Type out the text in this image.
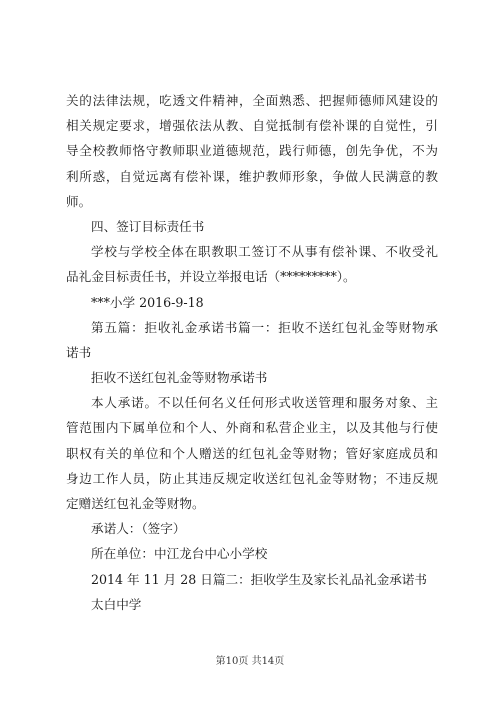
关的法律法规，吃透文件精神，全面熟悉、把握师德师风建设的
相关规定要求，增强依法从教、自觉抵制有偿补课的自觉性，引
导全校教师恪守教师职业道德规范，践行师德，创先争优，不为
利所惑，自觉远离有偿补课，维护教师形象，争做人民满意的教
师。
四、签订目标责任书
学校与学校全体在职教职工签订不从事有偿补课、不收受礼
品礼金目标责任书，并设立举报电话（*********）。
***小学 2016-9-18
第五篇：拒收礼金承诺书篇一：拒收不送红包礼金等财物承
诺书
拒收不送红包礼金等财物承诺书
本人承诺。不以任何名义任何形式收送管理和服务对象、主
管范围内下属单位和个人、外商和私营企业主，以及其他与行使
职权有关的单位和个人赠送的红包礼金等财物；管好家庭成员和
身边工作人员，防止其违反规定收送红包礼金等财物；不违反规
定赠送红包礼金等财物。
承诺人：（签字）
所在单位：中江龙台中心小学校
2014 年 11 月 28 日篇二：拒收学生及家长礼品礼金承诺书
太白中学
第10页 共14页
